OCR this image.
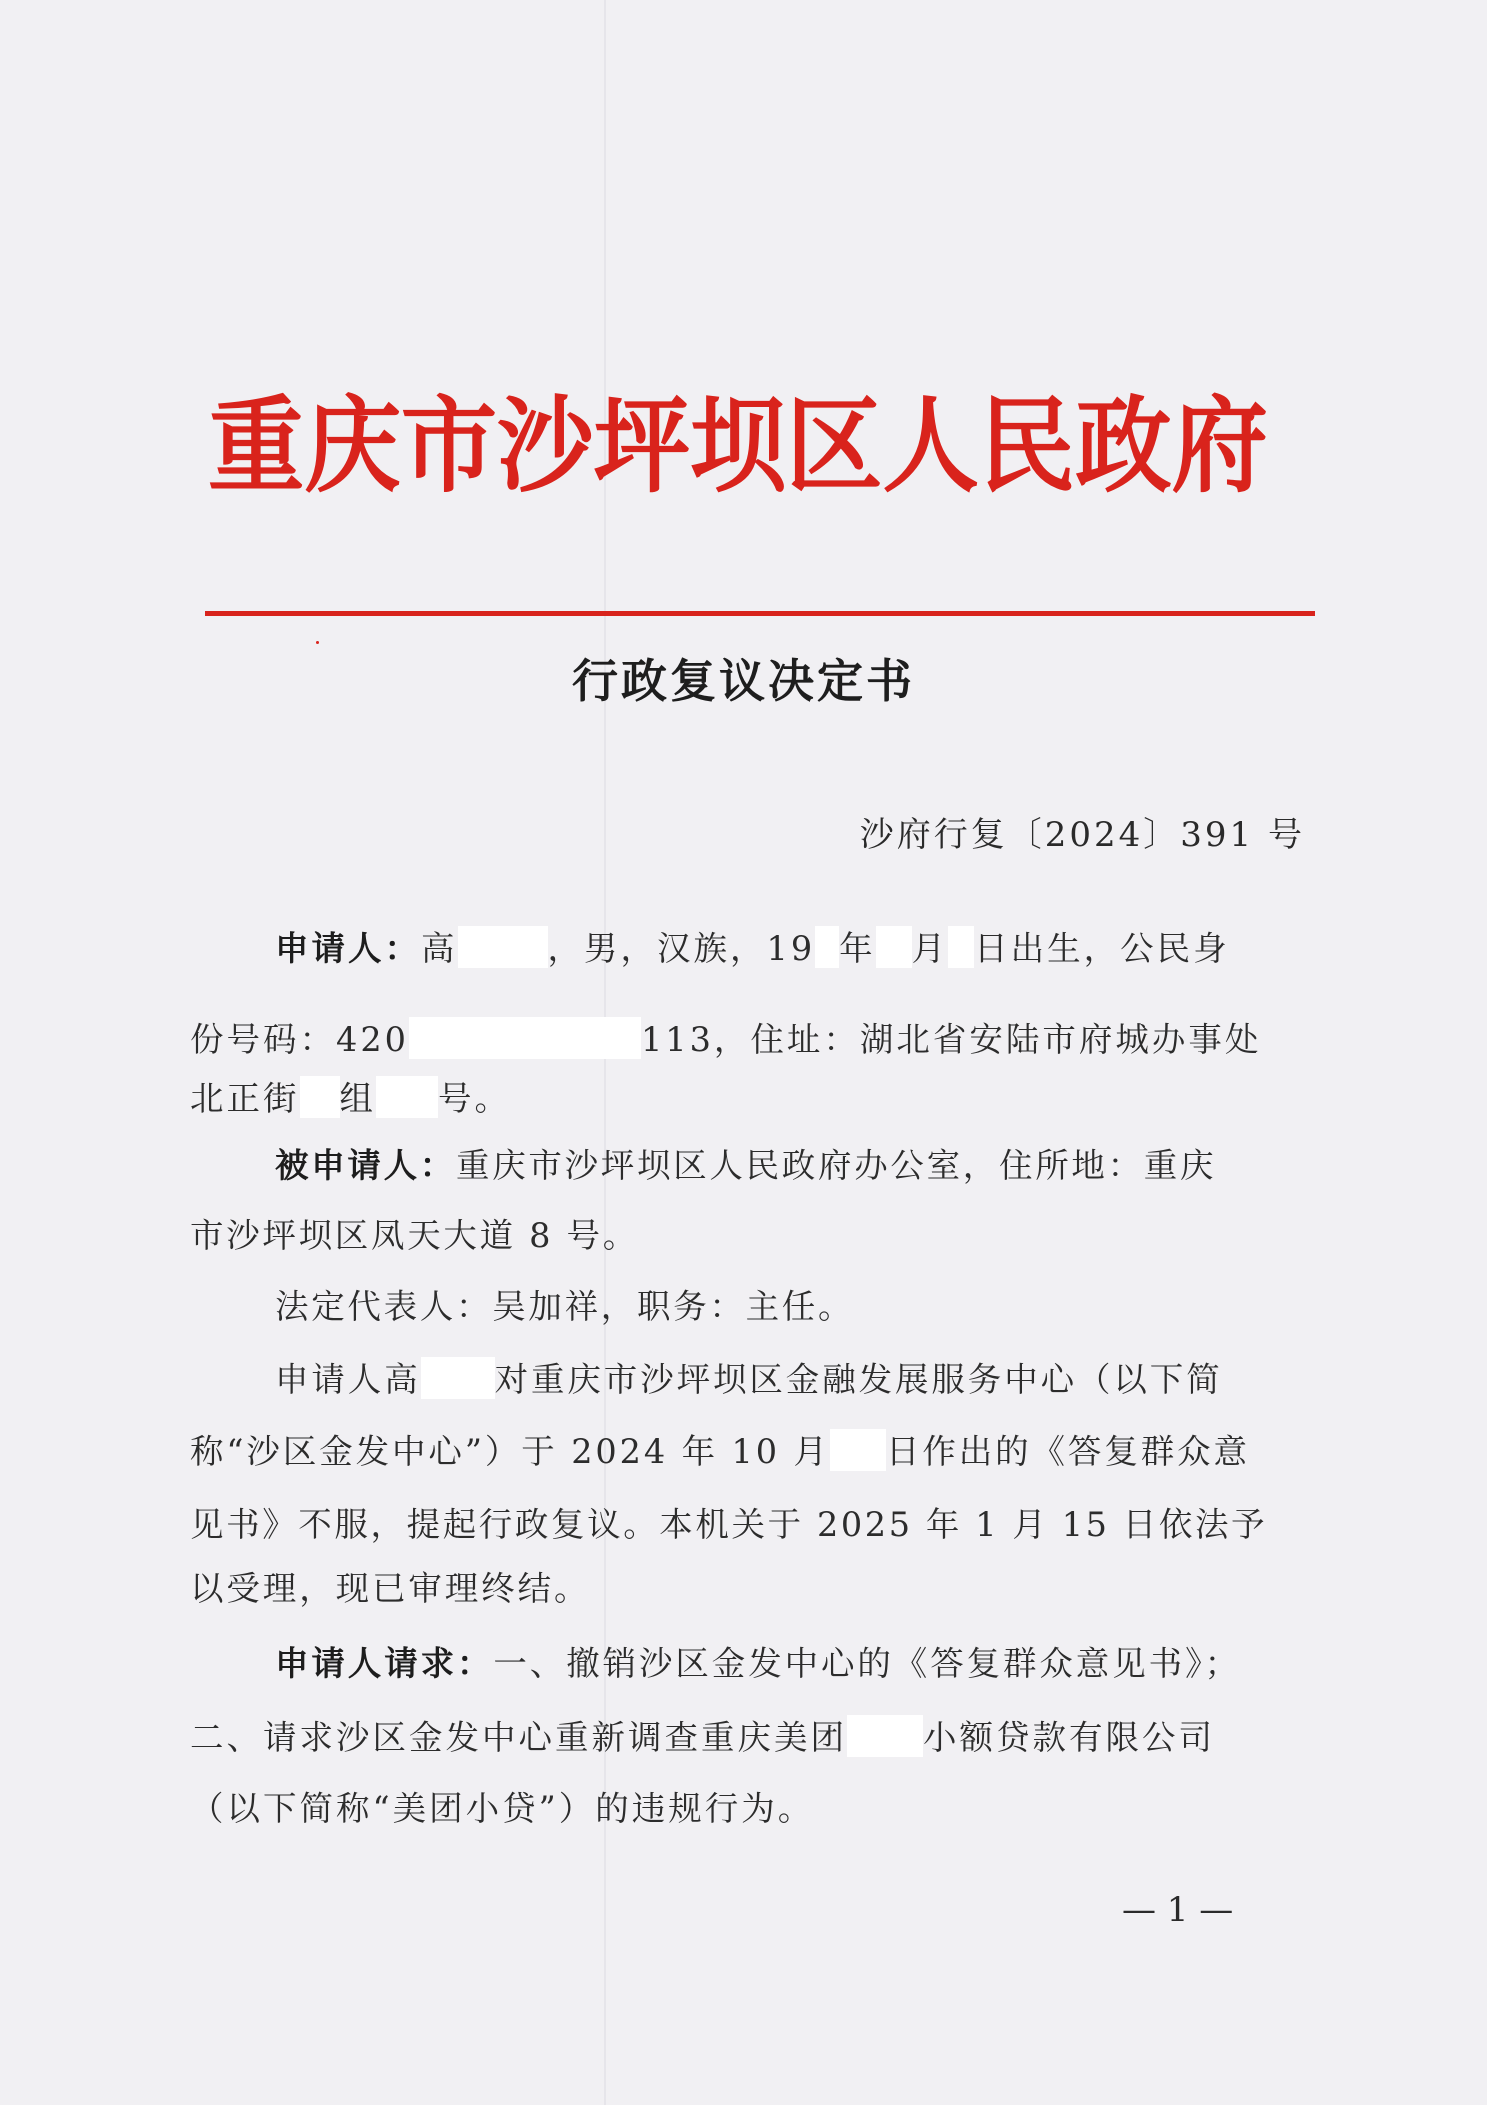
重庆市沙坪坝区人民政府
行政复议决定书
沙府行复〔2024〕391 号
申请人：高	，男，汉族，19 年 月 日出生，公民身
份号码：420	113，住址：湖北省安陆市府城办事处
北正街 组 号。
被申请人：重庆市沙坪坝区人民政府办公室，住所地：重庆
市沙坪坝区凤天大道 8 号。
法定代表人：吴加祥，职务：主任。
申请人高 对重庆市沙坪坝区金融发展服务中心（以下简
称“沙区金发中心”）于 2024 年 10 月 日作出的《答复群众意
见书》不服，提起行政复议。本机关于 2025 年 1 月 15 日依法予
以受理，现已审理终结。
申请人请求：一、撤销沙区金发中心的《答复群众意见书》；
二、请求沙区金发中心重新调查重庆美团 小额贷款有限公司
（以下简称“美团小贷”）的违规行为。
— 1 —
